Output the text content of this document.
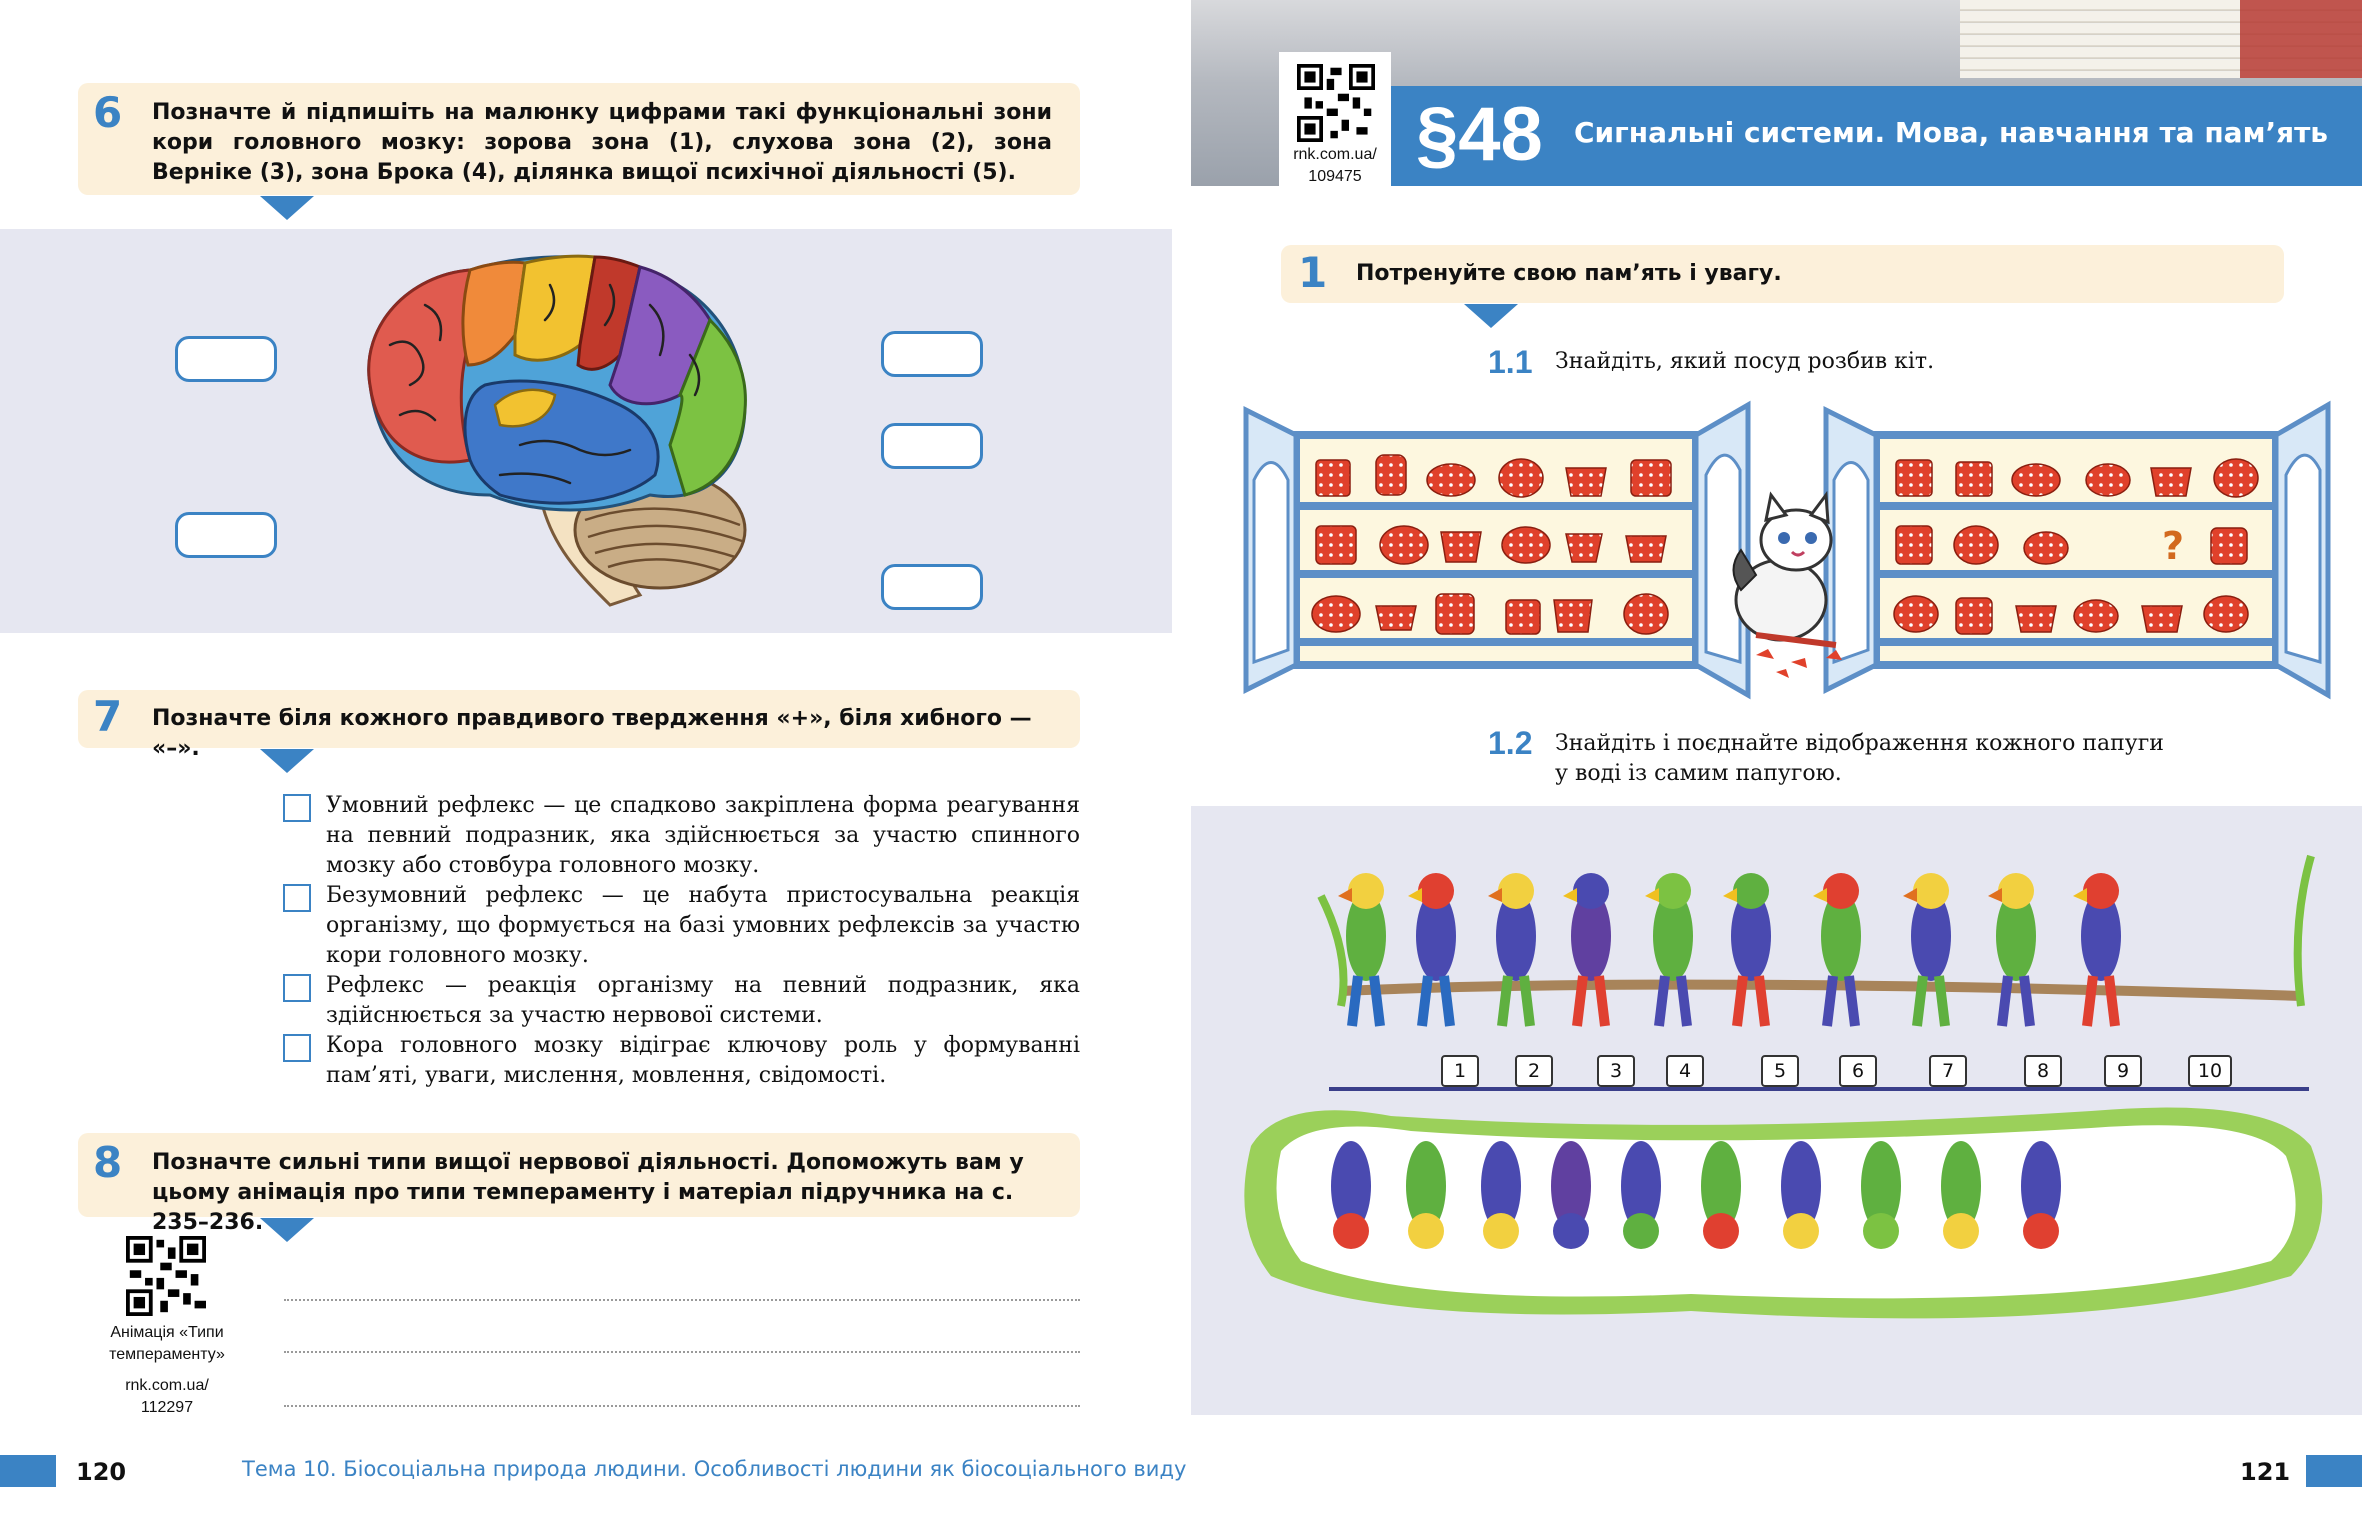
6 Позначте й підпишіть на малюнку цифрами такі функціональні зони кори головного мозку: зорова зона (1), слухова зона (2), зона Верніке (3), зона Брока (4), ділянка вищої психічної діяльності (5).
7 Позначте біля кожного правдивого твердження «+», біля хибного — «–».
Умовний рефлекс — це спадково закріплена форма реагування на певний подразник, яка здійснюється за участю спинного мозку або стовбура головного мозку.
Безумовний рефлекс — це набута пристосувальна реакція організму, що формується на базі умовних рефлексів за участю кори головного мозку.
Рефлекс — реакція організму на певний подразник, яка здійснюється за участю нервової системи.
Кора головного мозку відіграє ключову роль у формуванні пам’яті, уваги, мислення, мовлення, свідомості.
8 Позначте сильні типи вищої нервової діяльності. Допоможуть вам у цьому анімація про типи темпераменту і матеріал підручника на с. 235–236.
Анімація «Типи
темпераменту»
rnk.com.ua/
112297
120	Тема 10. Біосоціальна природа людини. Особливості людини як біосоціального виду
§48 Сигнальні системи. Мова, навчання та пам’ять
rnk.com.ua/
109475
1 Потренуйте свою пам’ять і увагу.
1.1 Знайдіть, який посуд розбив кіт.
?
1.2 Знайдіть і поєднайте відображення кожного папуги
у воді із самим папугою.
1	2	3	4	5	6	7	8	9	10
121
